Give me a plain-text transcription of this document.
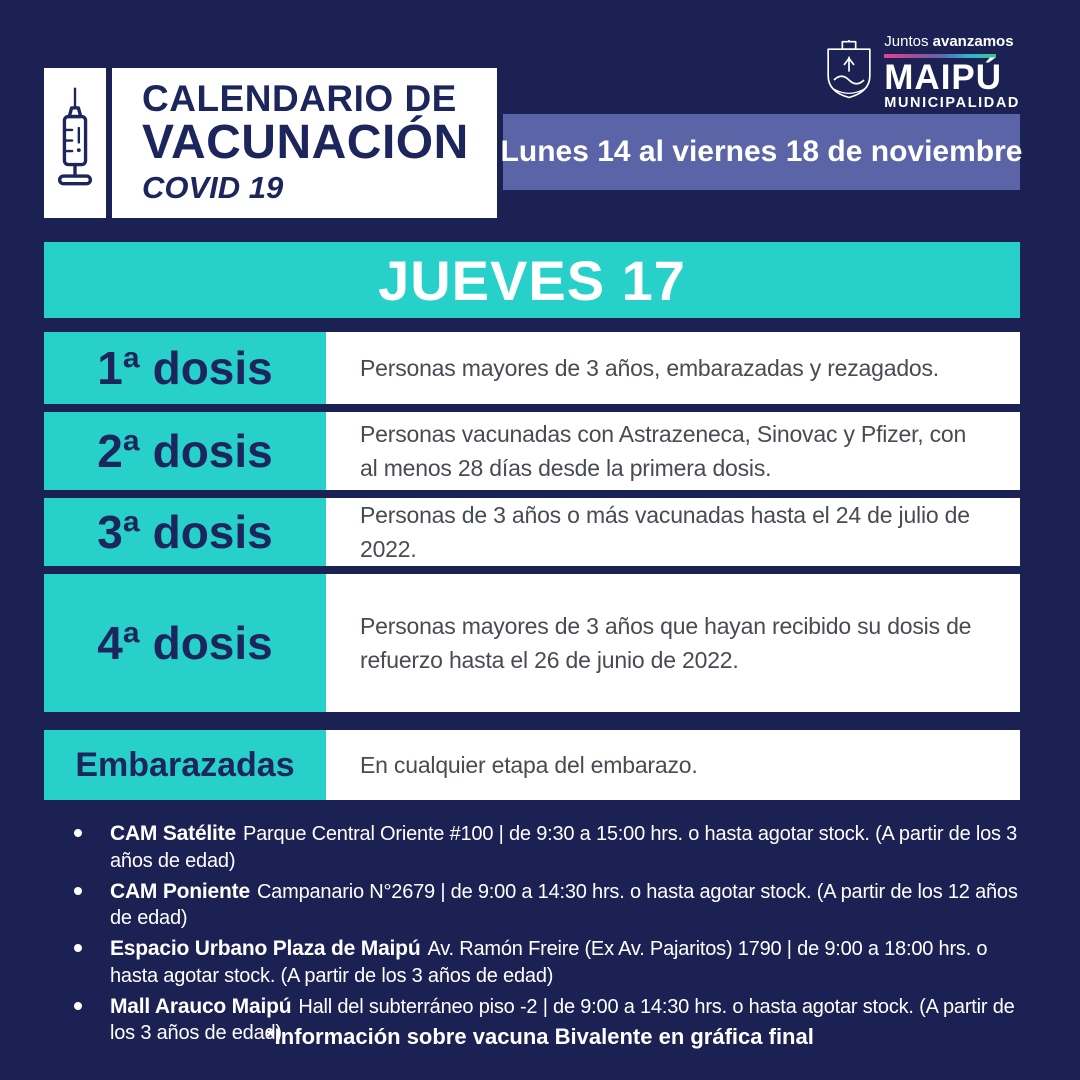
CALENDARIO DE
VACUNACIÓN
COVID 19
Lunes 14 al viernes 18 de noviembre
Juntos avanzamos
MAIPÚ
MUNICIPALIDAD
JUEVES 17
1ª dosis	Personas mayores de 3 años, embarazadas y rezagados.
2ª dosis	Personas vacunadas con Astrazeneca, Sinovac y Pfizer, con al menos 28 días desde la primera dosis.
3ª dosis	Personas de 3 años o más vacunadas hasta el 24 de julio de 2022.
4ª dosis	Personas mayores de 3 años que hayan recibido su dosis de refuerzo hasta el 26 de junio de 2022.
Embarazadas	En cualquier etapa del embarazo.

CAM Satélite Parque Central Oriente #100 | de 9:30 a 15:00 hrs. o hasta agotar stock. (A partir de los 3 años de edad)

CAM Poniente Campanario N°2679 | de 9:00 a 14:30 hrs. o hasta agotar stock. (A partir de los 12 años de edad)

Espacio Urbano Plaza de Maipú Av. Ramón Freire (Ex Av. Pajaritos) 1790 | de 9:00 a 18:00 hrs. o hasta agotar stock. (A partir de los 3 años de edad)

Mall Arauco Maipú Hall del subterráneo piso -2 | de 9:00 a 14:30 hrs. o hasta agotar stock. (A partir de los 3 años de edad)

*Información sobre vacuna Bivalente en gráfica final
